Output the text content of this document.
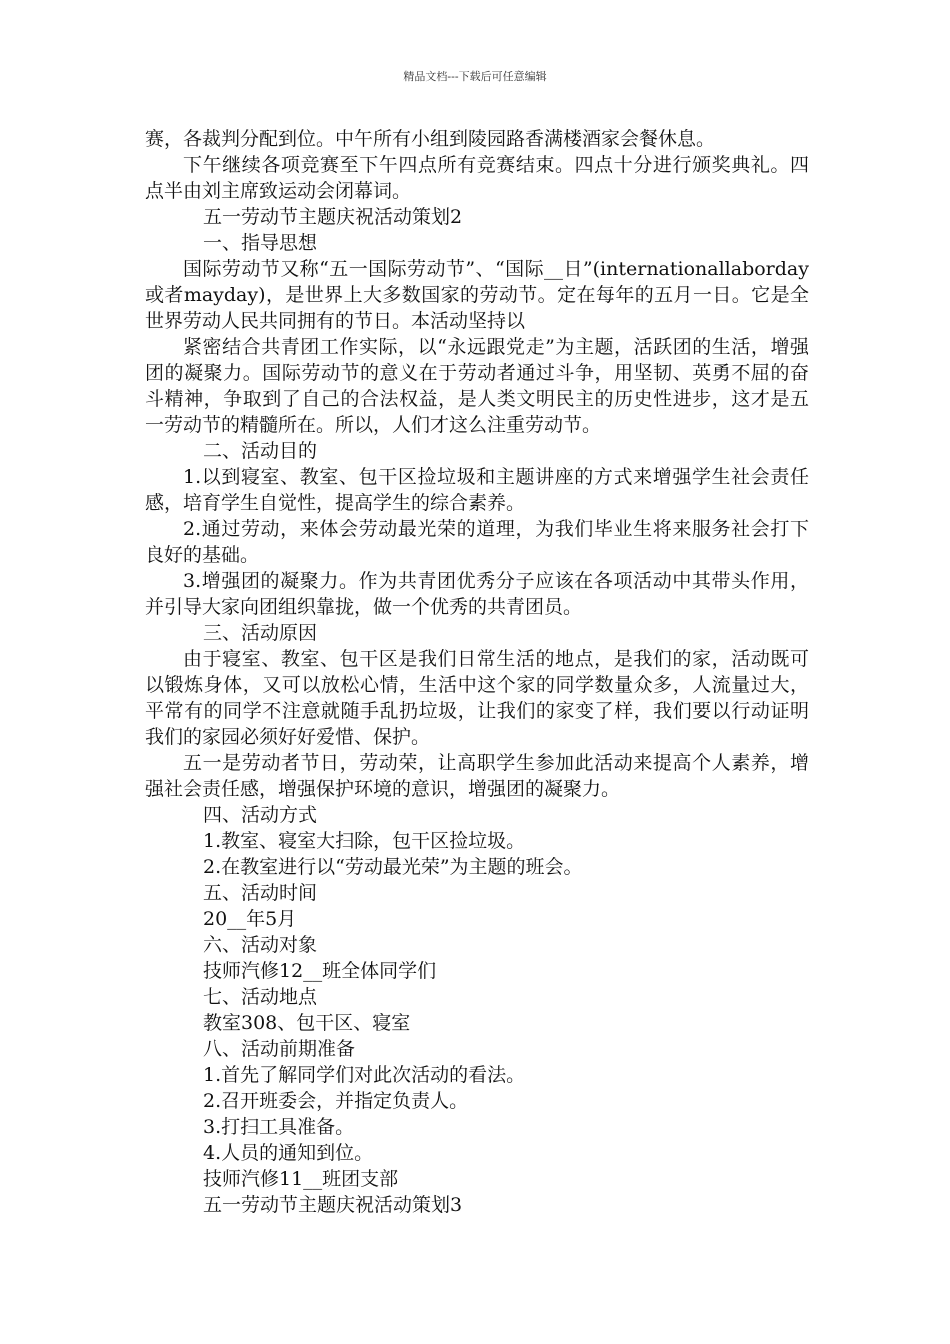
精品文档---下载后可任意编辑

赛，各裁判分配到位。中午所有小组到陵园路香满楼酒家会餐休息。

下午继续各项竞赛至下午四点所有竞赛结束。四点十分进行颁奖典礼。四点半由刘主席致运动会闭幕词。

五一劳动节主题庆祝活动策划2

一、指导思想

国际劳动节又称“五一国际劳动节”、“国际__日”(internationallaborday或者mayday)，是世界上大多数国家的劳动节。定在每年的五月一日。它是全世界劳动人民共同拥有的节日。本活动坚持以

紧密结合共青团工作实际，以“永远跟党走”为主题，活跃团的生活，增强团的凝聚力。国际劳动节的意义在于劳动者通过斗争，用坚韧、英勇不屈的奋斗精神，争取到了自己的合法权益，是人类文明民主的历史性进步，这才是五一劳动节的精髓所在。所以，人们才这么注重劳动节。

二、活动目的

1.以到寝室、教室、包干区捡垃圾和主题讲座的方式来增强学生社会责任感，培育学生自觉性，提高学生的综合素养。

2.通过劳动，来体会劳动最光荣的道理，为我们毕业生将来服务社会打下良好的基础。

3.增强团的凝聚力。作为共青团优秀分子应该在各项活动中其带头作用，并引导大家向团组织靠拢，做一个优秀的共青团员。

三、活动原因

由于寝室、教室、包干区是我们日常生活的地点，是我们的家，活动既可以锻炼身体，又可以放松心情，生活中这个家的同学数量众多，人流量过大，平常有的同学不注意就随手乱扔垃圾，让我们的家变了样，我们要以行动证明我们的家园必须好好爱惜、保护。

五一是劳动者节日，劳动荣，让高职学生参加此活动来提高个人素养，增强社会责任感，增强保护环境的意识，增强团的凝聚力。

四、活动方式

1.教室、寝室大扫除，包干区捡垃圾。

2.在教室进行以“劳动最光荣”为主题的班会。

五、活动时间

20__年5月

六、活动对象

技师汽修12__班全体同学们

七、活动地点

教室308、包干区、寝室

八、活动前期准备

1.首先了解同学们对此次活动的看法。

2.召开班委会，并指定负责人。

3.打扫工具准备。

4.人员的通知到位。

技师汽修11__班团支部

五一劳动节主题庆祝活动策划3
